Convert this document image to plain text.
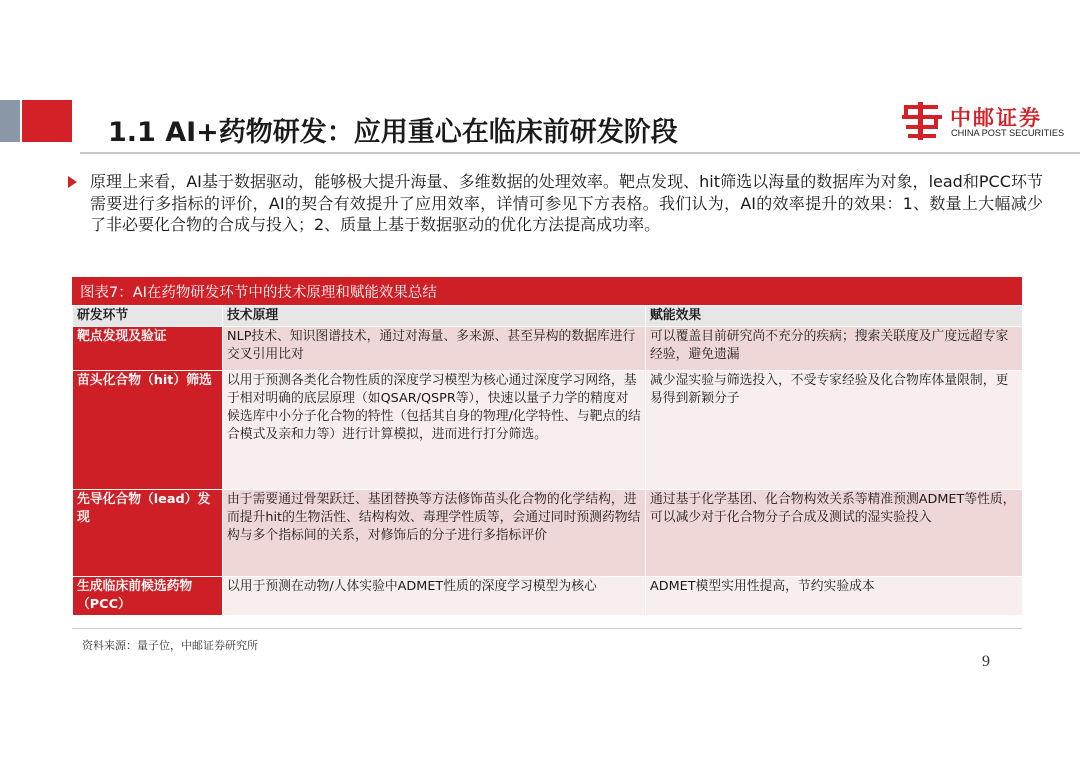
1.1 AI+药物研发：应用重心在临床前研发阶段	中邮证券
CHINA POST SECURITIES
原理上来看，AI基于数据驱动，能够极大提升海量、多维数据的处理效率。靶点发现、hit筛选以海量的数据库为对象，lead和PCC环节需要进行多指标的评价，AI的契合有效提升了应用效率，详情可参见下方表格。我们认为，AI的效率提升的效果：1、数量上大幅减少了非必要化合物的合成与投入；2、质量上基于数据驱动的优化方法提高成功率。
图表7：AI在药物研发环节中的技术原理和赋能效果总结
研发环节	技术原理	赋能效果
靶点发现及验证	NLP技术、知识图谱技术，通过对海量、多来源、甚至异构的数据库进行交叉引用比对	可以覆盖目前研究尚不充分的疾病；搜索关联度及广度远超专家经验，避免遗漏
苗头化合物（hit）筛选	以用于预测各类化合物性质的深度学习模型为核心通过深度学习网络，基于相对明确的底层原理（如QSAR/QSPR等），快速以量子力学的精度对候选库中小分子化合物的特性（包括其自身的物理/化学特性、与靶点的结合模式及亲和力等）进行计算模拟，进而进行打分筛选。	减少湿实验与筛选投入，不受专家经验及化合物库体量限制，更易得到新颖分子
先导化合物（lead）发现	由于需要通过骨架跃迁、基团替换等方法修饰苗头化合物的化学结构，进而提升hit的生物活性、结构构效、毒理学性质等，会通过同时预测药物结构与多个指标间的关系，对修饰后的分子进行多指标评价	通过基于化学基团、化合物构效关系等精准预测ADMET等性质，可以减少对于化合物分子合成及测试的湿实验投入
生成临床前候选药物（PCC）	以用于预测在动物/人体实验中ADMET性质的深度学习模型为核心	ADMET模型实用性提高，节约实验成本
资料来源：量子位，中邮证券研究所
9
